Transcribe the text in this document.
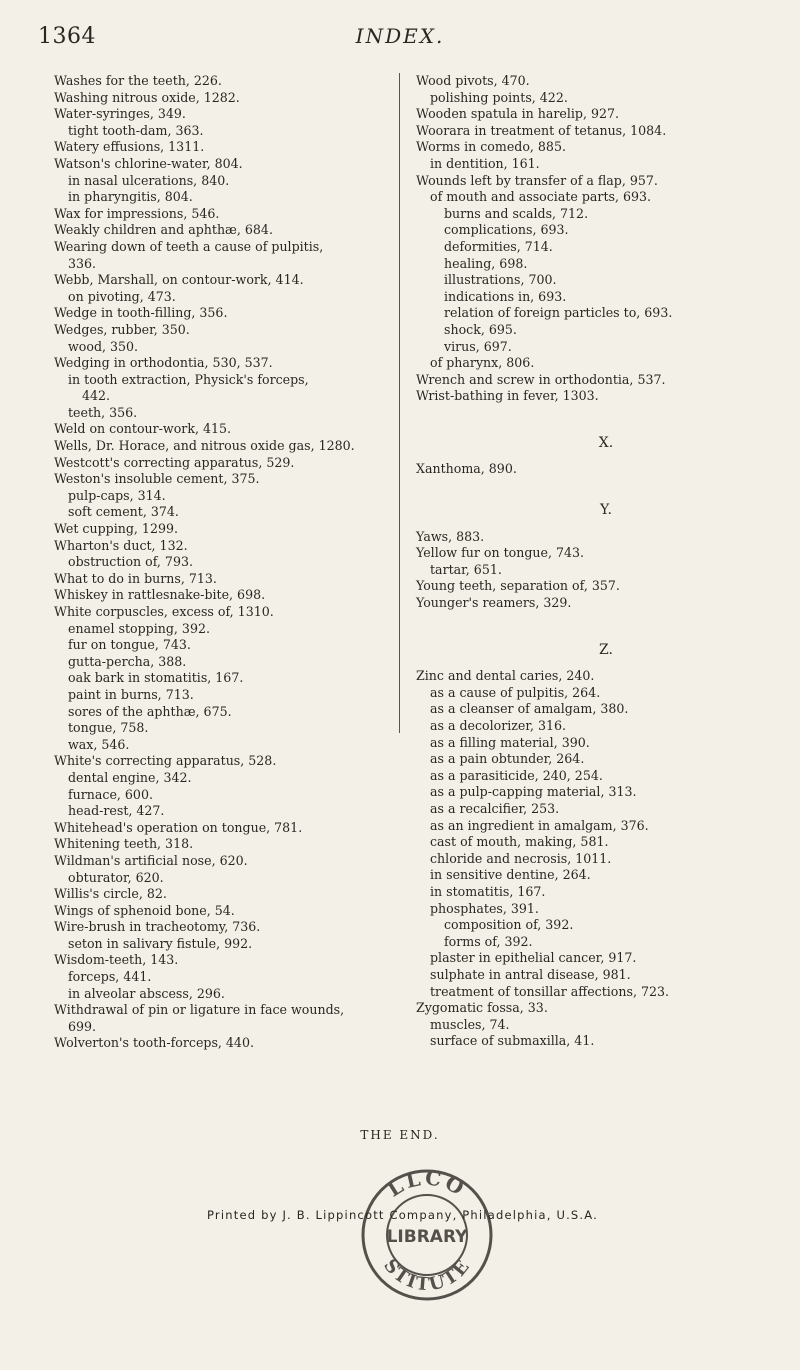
1364	INDEX.
Washes for the teeth, 226.
Washing nitrous oxide, 1282.
Water-syringes, 349.
tight tooth-dam, 363.
Watery effusions, 1311.
Watson's chlorine-water, 804.
in nasal ulcerations, 840.
in pharyngitis, 804.
Wax for impressions, 546.
Weakly children and aphthæ, 684.
Wearing down of teeth a cause of pulpitis,
336.
Webb, Marshall, on contour-work, 414.
on pivoting, 473.
Wedge in tooth-filling, 356.
Wedges, rubber, 350.
wood, 350.
Wedging in orthodontia, 530, 537.
in tooth extraction, Physick's forceps,
442.
teeth, 356.
Weld on contour-work, 415.
Wells, Dr. Horace, and nitrous oxide gas, 1280.
Westcott's correcting apparatus, 529.
Weston's insoluble cement, 375.
pulp-caps, 314.
soft cement, 374.
Wet cupping, 1299.
Wharton's duct, 132.
obstruction of, 793.
What to do in burns, 713.
Whiskey in rattlesnake-bite, 698.
White corpuscles, excess of, 1310.
enamel stopping, 392.
fur on tongue, 743.
gutta-percha, 388.
oak bark in stomatitis, 167.
paint in burns, 713.
sores of the aphthæ, 675.
tongue, 758.
wax, 546.
White's correcting apparatus, 528.
dental engine, 342.
furnace, 600.
head-rest, 427.
Whitehead's operation on tongue, 781.
Whitening teeth, 318.
Wildman's artificial nose, 620.
obturator, 620.
Willis's circle, 82.
Wings of sphenoid bone, 54.
Wire-brush in tracheotomy, 736.
seton in salivary fistule, 992.
Wisdom-teeth, 143.
forceps, 441.
in alveolar abscess, 296.
Withdrawal of pin or ligature in face wounds,
699.
Wolverton's tooth-forceps, 440.
Wood pivots, 470.
polishing points, 422.
Wooden spatula in harelip, 927.
Woorara in treatment of tetanus, 1084.
Worms in comedo, 885.
in dentition, 161.
Wounds left by transfer of a flap, 957.
of mouth and associate parts, 693.
burns and scalds, 712.
complications, 693.
deformities, 714.
healing, 698.
illustrations, 700.
indications in, 693.
relation of foreign particles to, 693.
shock, 695.
virus, 697.
of pharynx, 806.
Wrench and screw in orthodontia, 537.
Wrist-bathing in fever, 1303.
X.
Xanthoma, 890.
Y.
Yaws, 883.
Yellow fur on tongue, 743.
tartar, 651.
Young teeth, separation of, 357.
Younger's reamers, 329.
Z.
Zinc and dental caries, 240.
as a cause of pulpitis, 264.
as a cleanser of amalgam, 380.
as a decolorizer, 316.
as a filling material, 390.
as a pain obtunder, 264.
as a parasiticide, 240, 254.
as a pulp-capping material, 313.
as a recalcifier, 253.
as an ingredient in amalgam, 376.
cast of mouth, making, 581.
chloride and necrosis, 1011.
in sensitive dentine, 264.
in stomatitis, 167.
phosphates, 391.
composition of, 392.
forms of, 392.
plaster in epithelial cancer, 917.
sulphate in antral disease, 981.
treatment of tonsillar affections, 723.
Zygomatic fossa, 33.
muscles, 74.
surface of submaxilla, 41.
THE END.
LLCO
LIBRARY
STITUTE
Printed by J. B. Lippincott Company, Philadelphia, U.S.A.
